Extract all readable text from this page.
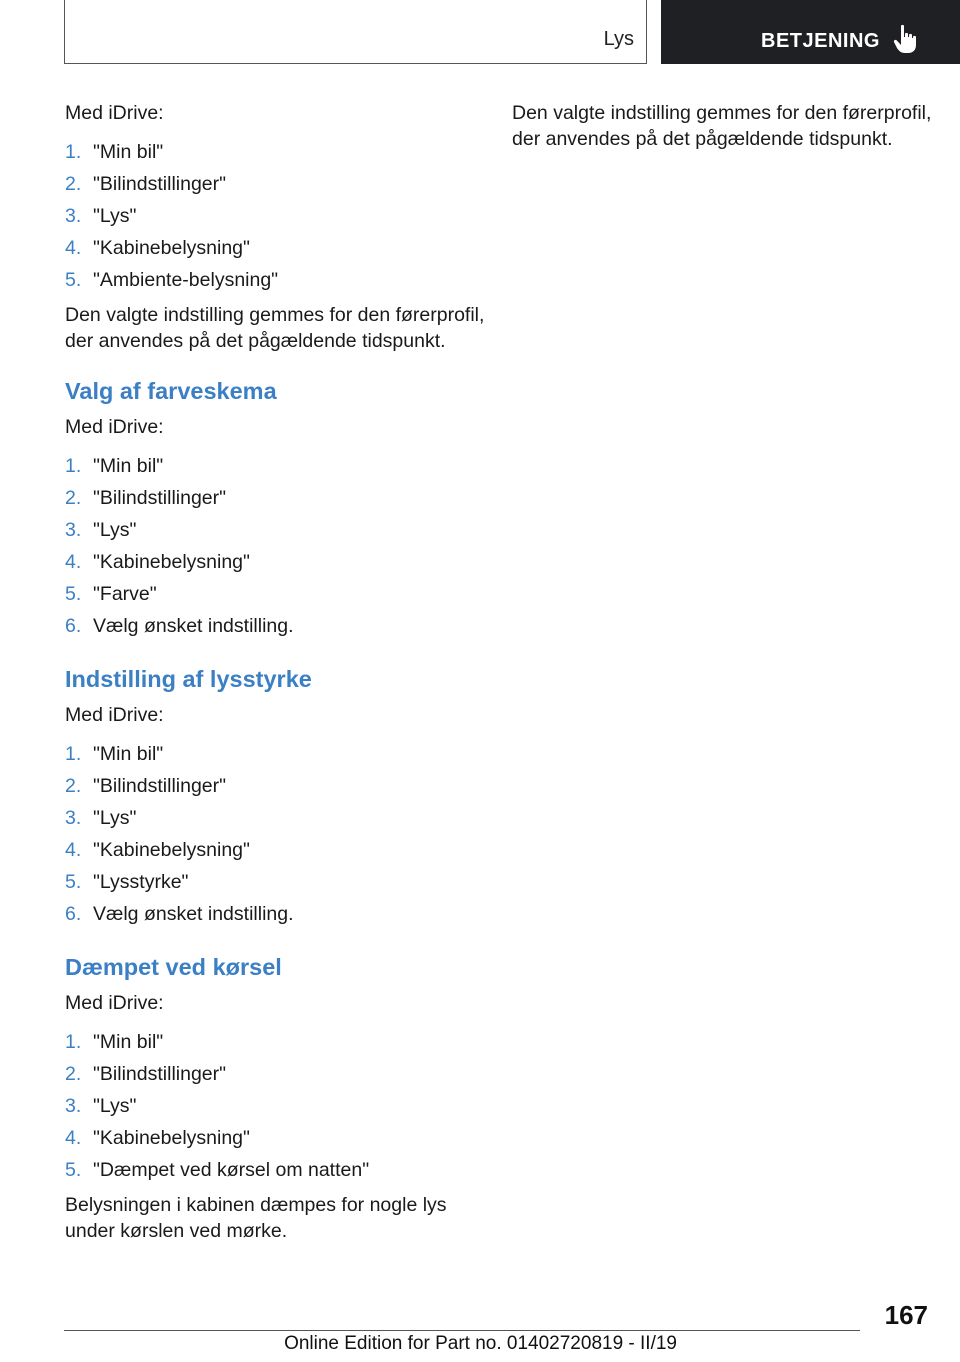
Lys	BETJENING

Med iDrive:

1. "Min bil"
2. "Bilindstillinger"
3. "Lys"
4. "Kabinebelysning"
5. "Ambiente-belysning"

Den valgte indstilling gemmes for den førerprofil, der anvendes på det pågældende tidspunkt.

Valg af farveskema

Med iDrive:

1. "Min bil"
2. "Bilindstillinger"
3. "Lys"
4. "Kabinebelysning"
5. "Farve"
6. Vælg ønsket indstilling.
Indstilling af lysstyrke

Med iDrive:

1. "Min bil"
2. "Bilindstillinger"
3. "Lys"
4. "Kabinebelysning"
5. "Lysstyrke"
6. Vælg ønsket indstilling.
Dæmpet ved kørsel

Med iDrive:

1. "Min bil"
2. "Bilindstillinger"
3. "Lys"
4. "Kabinebelysning"
5. "Dæmpet ved kørsel om natten"

Belysningen i kabinen dæmpes for nogle lys under kørslen ved mørke.

Den valgte indstilling gemmes for den førerprofil, der anvendes på det pågældende tidspunkt.

167
Online Edition for Part no. 01402720819 - II/19
